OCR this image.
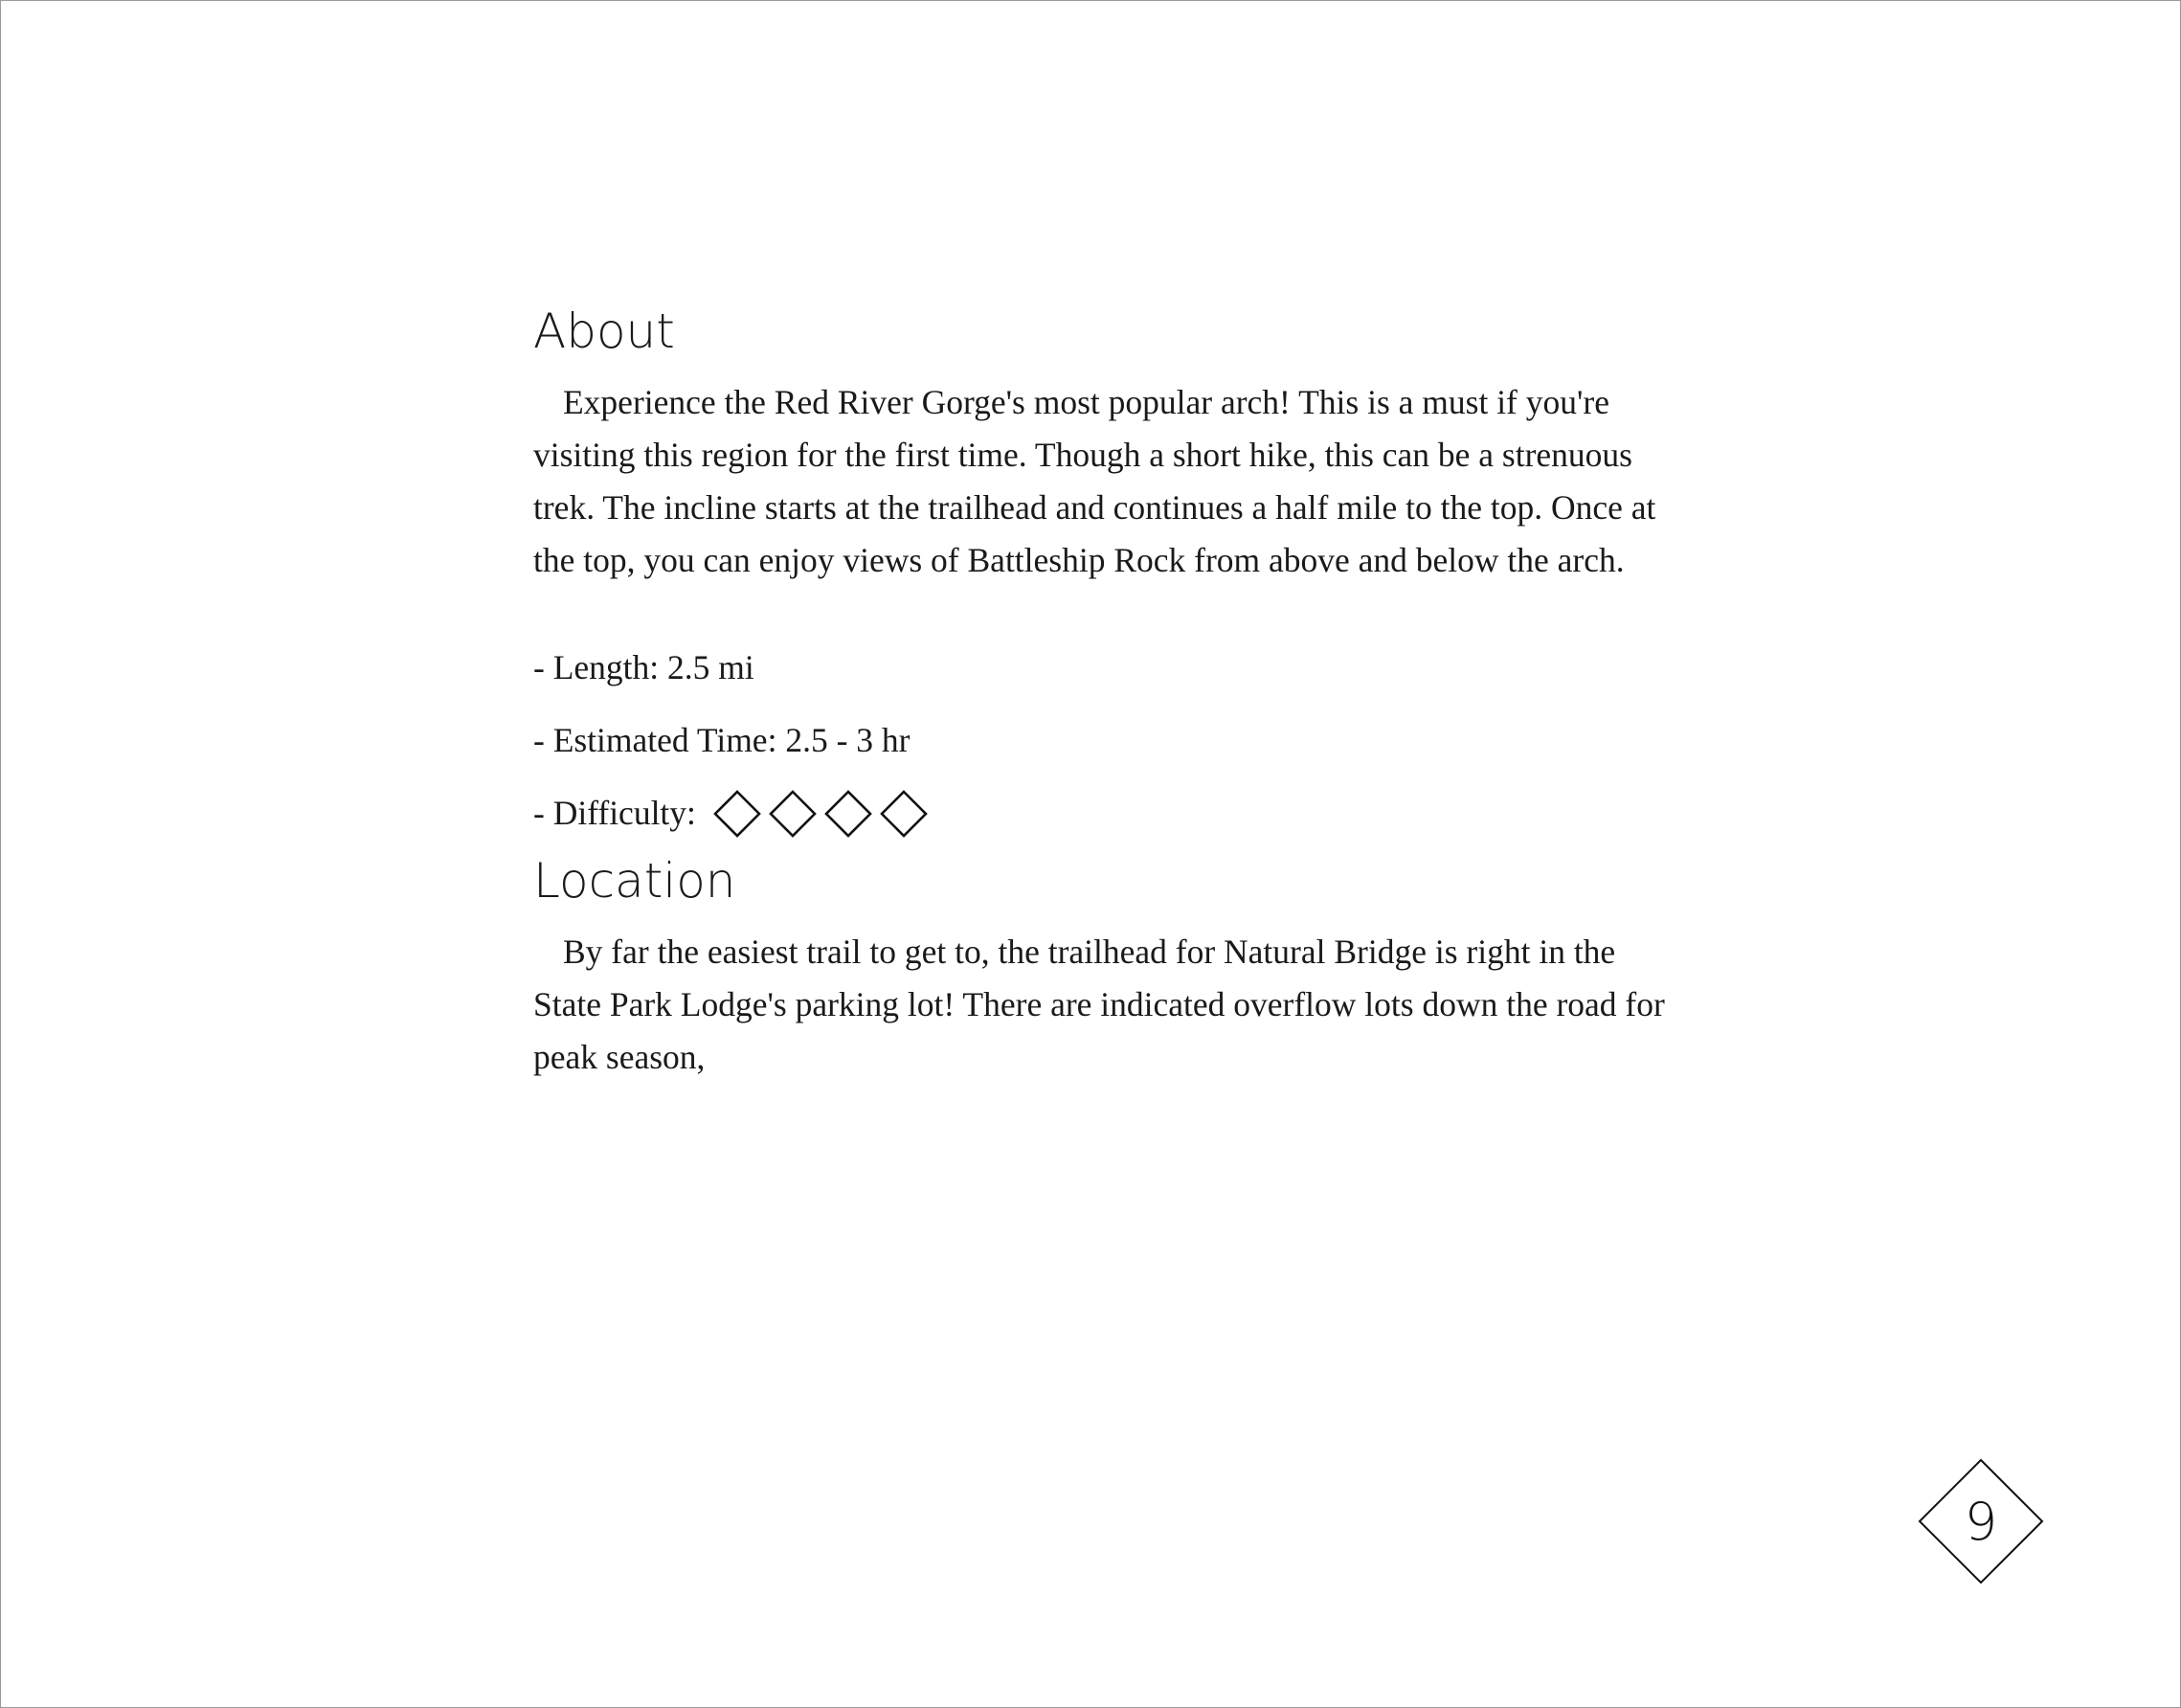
About

Experience the Red River Gorge's most popular arch! This is a must if you're visiting this region for the first time. Though a short hike, this can be a strenuous trek. The incline starts at the trailhead and continues a half mile to the top. Once at the top, you can enjoy views of Battleship Rock from above and below the arch.

- Length: 2.5 mi
- Estimated Time: 2.5 - 3 hr
- Difficulty:
Location

By far the easiest trail to get to, the trailhead for Natural Bridge is right in the State Park Lodge's parking lot! There are indicated overflow lots down the road for peak season,

9
